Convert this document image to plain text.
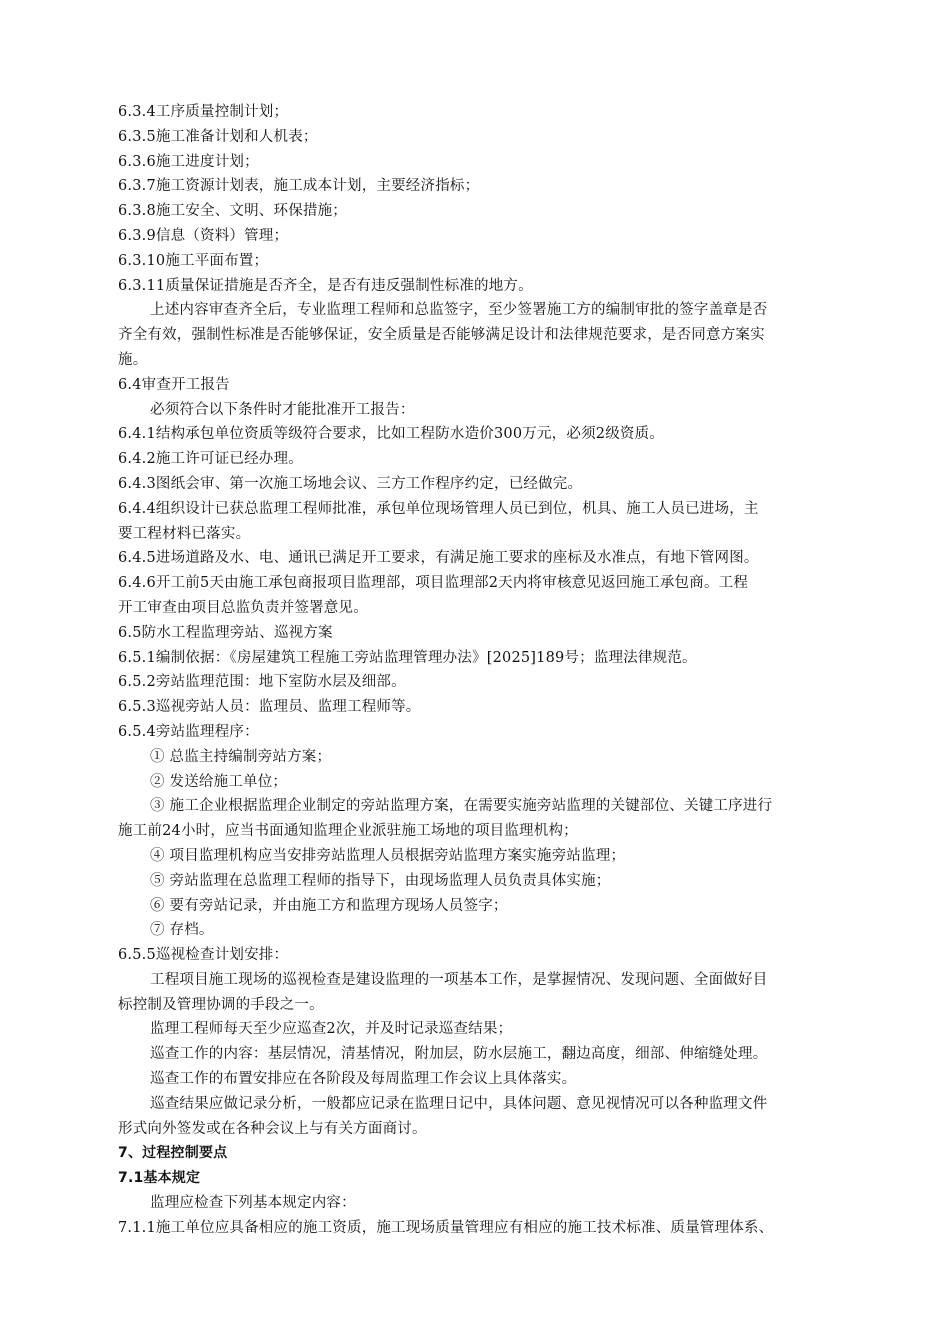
6.3.4工序质量控制计划；
6.3.5施工准备计划和人机表；
6.3.6施工进度计划；
6.3.7施工资源计划表，施工成本计划，主要经济指标；
6.3.8施工安全、文明、环保措施；
6.3.9信息（资料）管理；
6.3.10施工平面布置；
6.3.11质量保证措施是否齐全，是否有违反强制性标准的地方。
上述内容审查齐全后，专业监理工程师和总监签字，至少签署施工方的编制审批的签字盖章是否
齐全有效，强制性标准是否能够保证，安全质量是否能够满足设计和法律规范要求，是否同意方案实
施。
6.4审查开工报告
必须符合以下条件时才能批准开工报告：
6.4.1结构承包单位资质等级符合要求，比如工程防水造价300万元，必须2级资质。
6.4.2施工许可证已经办理。
6.4.3图纸会审、第一次施工场地会议、三方工作程序约定，已经做完。
6.4.4组织设计已获总监理工程师批准，承包单位现场管理人员已到位，机具、施工人员已进场，主
要工程材料已落实。
6.4.5进场道路及水、电、通讯已满足开工要求，有满足施工要求的座标及水准点，有地下管网图。
6.4.6开工前5天由施工承包商报项目监理部，项目监理部2天内将审核意见返回施工承包商。工程
开工审查由项目总监负责并签署意见。
6.5防水工程监理旁站、巡视方案
6.5.1编制依据：《房屋建筑工程施工旁站监理管理办法》[2025]189号；监理法律规范。
6.5.2旁站监理范围：地下室防水层及细部。
6.5.3巡视旁站人员：监理员、监理工程师等。
6.5.4旁站监理程序：
① 总监主持编制旁站方案；
② 发送给施工单位；
③ 施工企业根据监理企业制定的旁站监理方案，在需要实施旁站监理的关键部位、关键工序进行
施工前24小时，应当书面通知监理企业派驻施工场地的项目监理机构；
④ 项目监理机构应当安排旁站监理人员根据旁站监理方案实施旁站监理；
⑤ 旁站监理在总监理工程师的指导下，由现场监理人员负责具体实施；
⑥ 要有旁站记录，并由施工方和监理方现场人员签字；
⑦ 存档。
6.5.5巡视检查计划安排：
工程项目施工现场的巡视检查是建设监理的一项基本工作，是掌握情况、发现问题、全面做好目
标控制及管理协调的手段之一。
监理工程师每天至少应巡查2次，并及时记录巡查结果；
巡查工作的内容：基层情况，清基情况，附加层，防水层施工，翻边高度，细部、伸缩缝处理。
巡查工作的布置安排应在各阶段及每周监理工作会议上具体落实。
巡查结果应做记录分析，一般都应记录在监理日记中，具体问题、意见视情况可以各种监理文件
形式向外签发或在各种会议上与有关方面商讨。
7、过程控制要点
7.1基本规定
监理应检查下列基本规定内容：
7.1.1施工单位应具备相应的施工资质，施工现场质量管理应有相应的施工技术标准、质量管理体系、
